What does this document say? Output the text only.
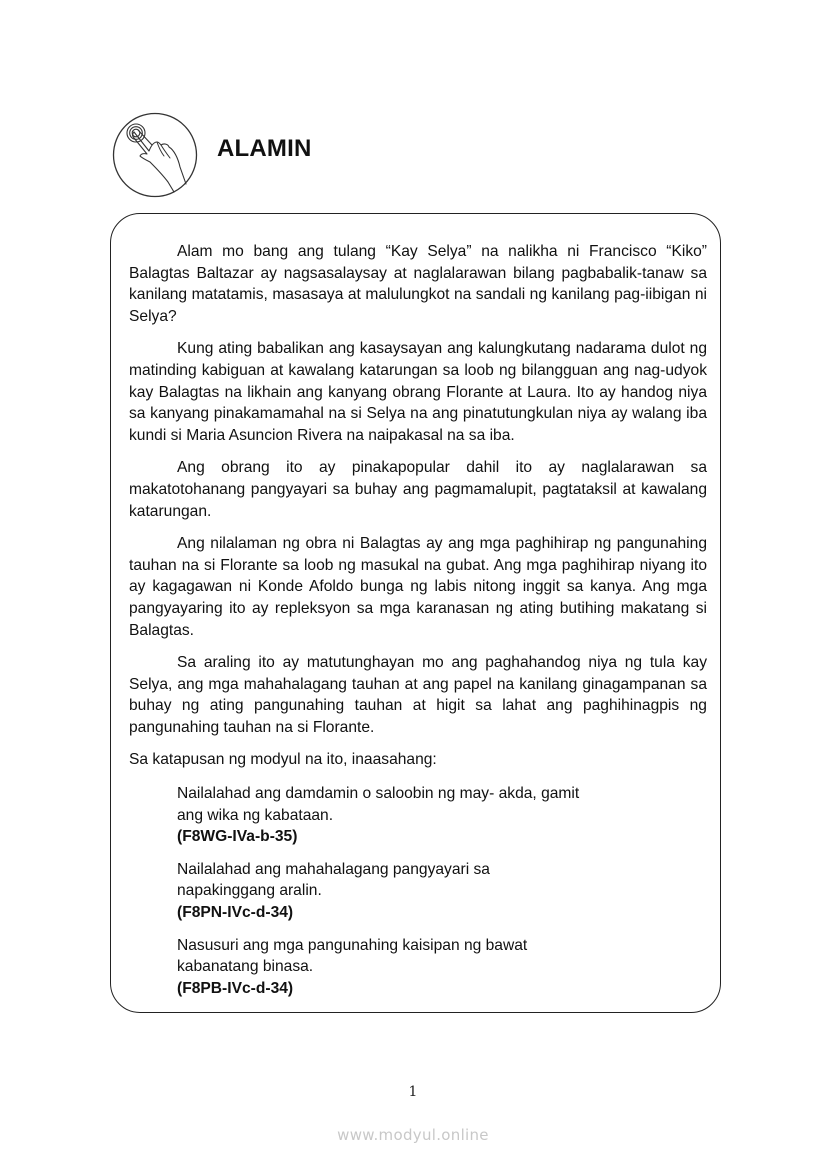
ALAMIN

Alam mo bang ang tulang “Kay Selya” na nalikha ni Francisco “Kiko” Balagtas Baltazar ay nagsasalaysay at naglalarawan bilang pagbabalik-tanaw sa kanilang matatamis, masasaya at malulungkot na sandali ng kanilang pag-iibigan ni Selya?

Kung ating babalikan ang kasaysayan ang kalungkutang nadarama dulot ng matinding kabiguan at kawalang katarungan sa loob ng bilangguan ang nag-udyok kay Balagtas na likhain ang kanyang obrang Florante at Laura. Ito ay handog niya sa kanyang pinakamamahal na si Selya na ang pinatutungkulan niya ay walang iba kundi si Maria Asuncion Rivera na naipakasal na sa iba.

Ang obrang ito ay pinakapopular dahil ito ay naglalarawan sa makatotohanang pangyayari sa buhay ang pagmamalupit, pagtataksil at kawalang katarungan.

Ang nilalaman ng obra ni Balagtas ay ang mga paghihirap ng pangunahing tauhan na si Florante sa loob ng masukal na gubat. Ang mga paghihirap niyang ito ay kagagawan ni Konde Afoldo bunga ng labis nitong inggit sa kanya. Ang mga pangyayaring ito ay repleksyon sa mga karanasan ng ating butihing makatang si Balagtas.

Sa araling ito ay matutunghayan mo ang paghahandog niya ng tula kay Selya, ang mga mahahalagang tauhan at ang papel na kanilang ginagampanan sa buhay ng ating pangunahing tauhan at higit sa lahat ang paghihinagpis ng pangunahing tauhan na si Florante.

Sa katapusan ng modyul na ito, inaasahang:

Nailalahad ang damdamin o saloobin ng may- akda, gamit
ang wika ng kabataan.
(F8WG-IVa-b-35)
Nailalahad ang mahahalagang pangyayari sa
napakinggang aralin.
(F8PN-IVc-d-34)
Nasusuri ang mga pangunahing kaisipan ng bawat
kabanatang binasa.
(F8PB-IVc-d-34)
1
www.modyul.online
